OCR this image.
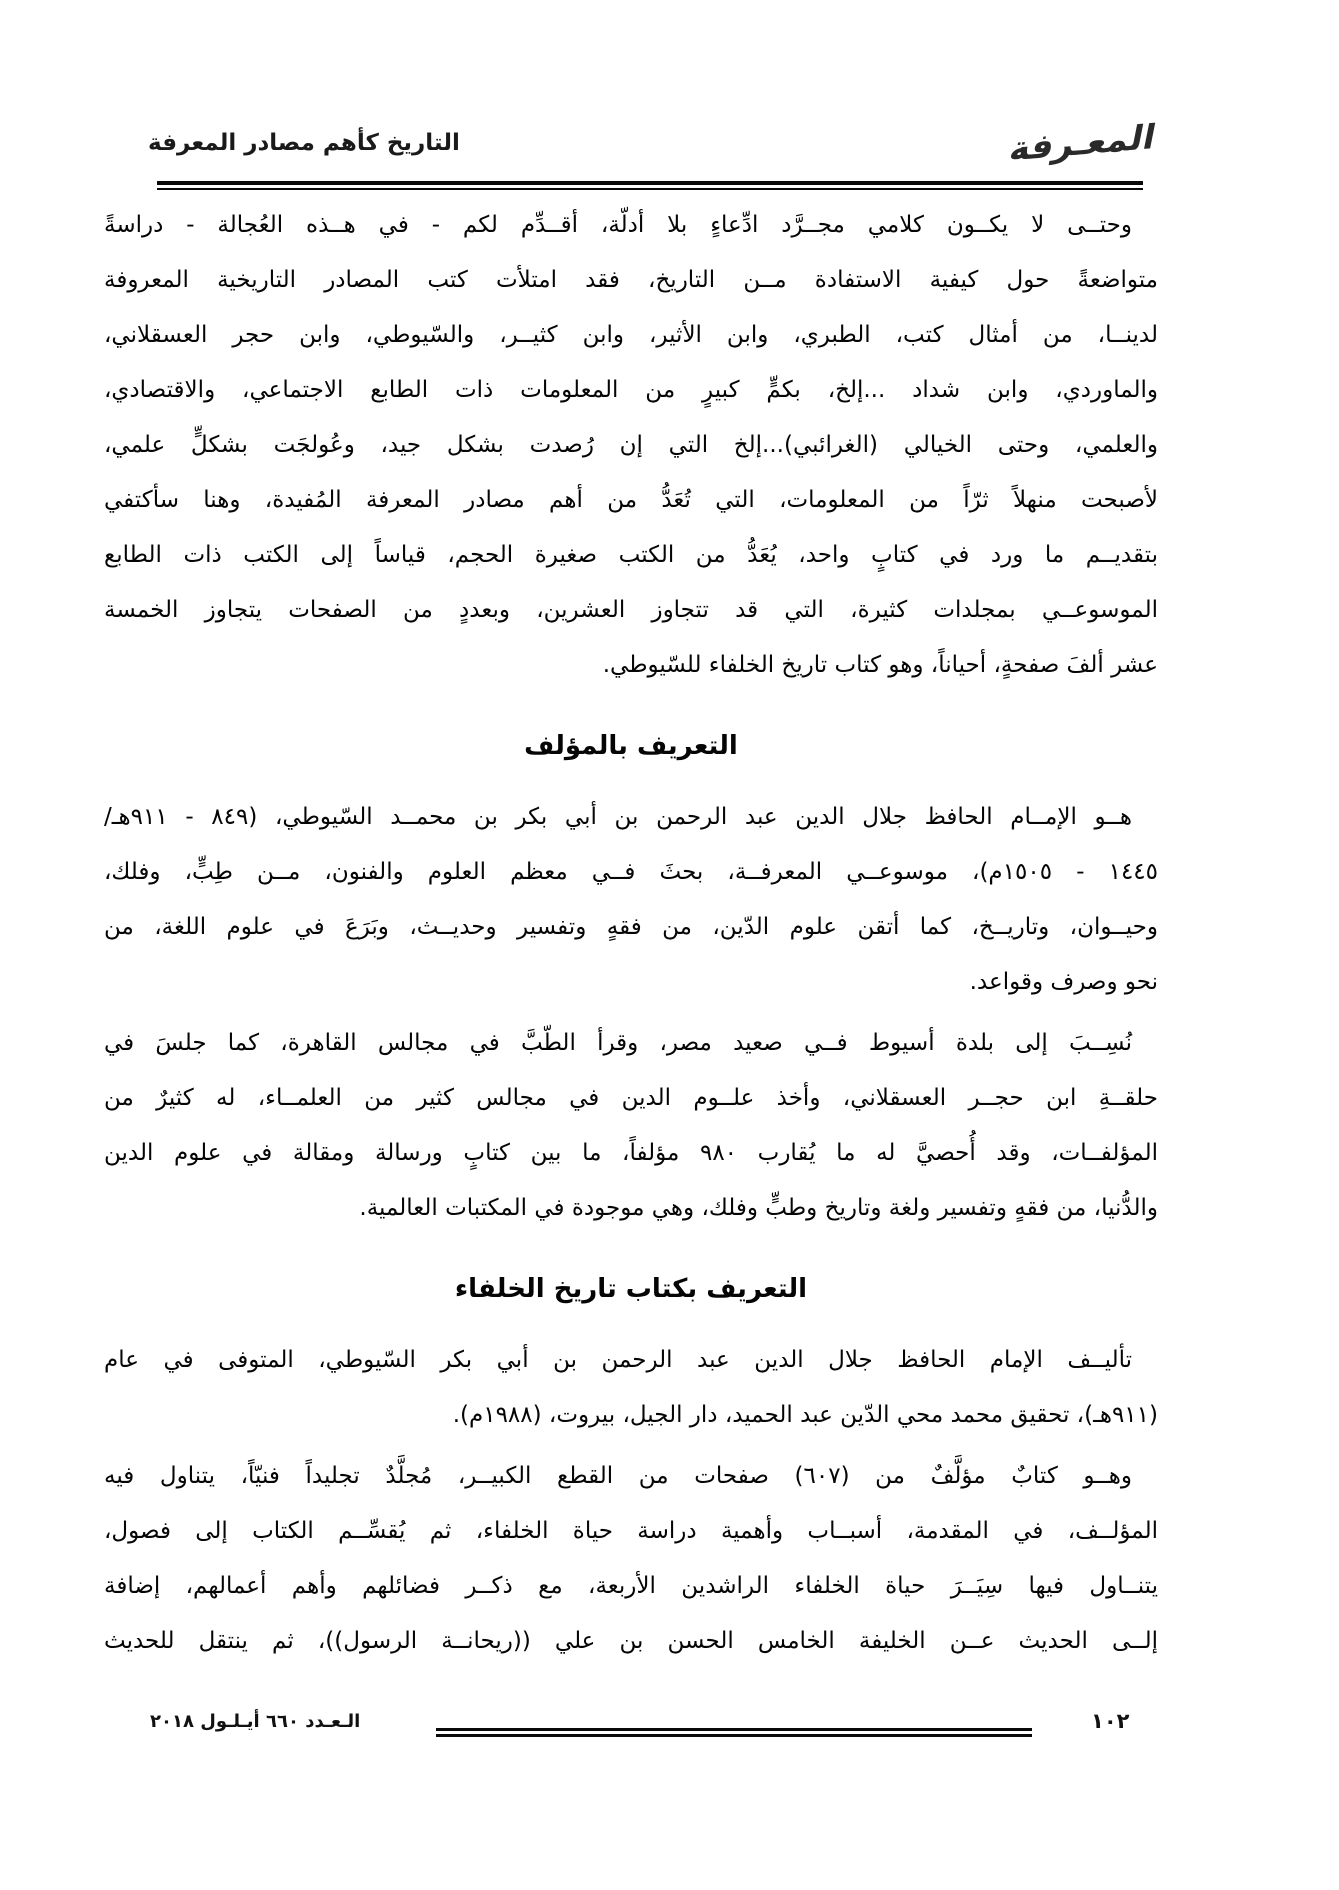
التاريخ كأهم مصادر المعرفة	المعـرفة
وحتــى لا يكــون كلامي مجــرَّد ادِّعاءٍ بلا أدلّة، أقــدِّم لكم - في هــذه العُجالة - دراسةً
متواضعةً حول كيفية الاستفادة مــن التاريخ، فقد امتلأت كتب المصادر التاريخية المعروفة
لدينــا، من أمثال كتب، الطبري، وابن الأثير، وابن كثيــر، والسّيوطي، وابن حجر العسقلاني،
والماوردي، وابن شداد ...إلخ، بكمٍّ كبيرٍ من المعلومات ذات الطابع الاجتماعي، والاقتصادي،
والعلمي، وحتى الخيالي (الغرائبي)...إلخ التي إن رُصدت بشكل جيد، وعُولجَت بشكلٍّ علمي،
لأصبحت منهلاً ثرّاً من المعلومات، التي تُعَدُّ من أهم مصادر المعرفة المُفيدة، وهنا سأكتفي
بتقديــم ما ورد في كتابٍ واحد، يُعَدُّ من الكتب صغيرة الحجم، قياساً إلى الكتب ذات الطابع
الموسوعــي بمجلدات كثيرة، التي قد تتجاوز العشرين، وبعددٍ من الصفحات يتجاوز الخمسة
عشر ألفَ صفحةٍ، أحياناً، وهو كتاب تاريخ الخلفاء للسّيوطي.
التعريف بالمؤلف
هــو الإمــام الحافظ جلال الدين عبد الرحمن بن أبي بكر بن محمــد السّيوطي، (٨٤٩ - ٩١١هـ/
١٤٤٥ - ١٥٠٥م)، موسوعــي المعرفــة، بحثَ فــي معظم العلوم والفنون، مــن طِبٍّ، وفلك،
وحيــوان، وتاريــخ، كما أتقن علوم الدّين، من فقهٍ وتفسير وحديــث، وبَرَعَ في علوم اللغة، من
نحو وصرف وقواعد.
نُسِــبَ إلى بلدة أسيوط فــي صعيد مصر، وقرأ الطّبَّ في مجالس القاهرة، كما جلسَ في
حلقــةِ ابن حجــر العسقلاني، وأخذ علــوم الدين في مجالس كثير من العلمــاء، له كثيرٌ من
المؤلفــات، وقد أُحصيَّ له ما يُقارب ٩٨٠ مؤلفاً، ما بين كتابٍ ورسالة ومقالة في علوم الدين
والدُّنيا، من فقهٍ وتفسير ولغة وتاريخ وطبٍّ وفلك، وهي موجودة في المكتبات العالمية.
التعريف بكتاب تاريخ الخلفاء
تأليــف الإمام الحافظ جلال الدين عبد الرحمن بن أبي بكر السّيوطي، المتوفى في عام
(٩١١هـ)، تحقيق محمد محي الدّين عبد الحميد، دار الجيل، بيروت، (١٩٨٨م).
وهــو كتابٌ مؤلَّفٌ من (٦٠٧) صفحات من القطع الكبيــر، مُجلَّدٌ تجليداً فنيّاً، يتناول فيه
المؤلــف، في المقدمة، أسبــاب وأهمية دراسة حياة الخلفاء، ثم يُقسِّــم الكتاب إلى فصول،
يتنــاول فيها سِيَــرَ حياة الخلفاء الراشدين الأربعة، مع ذكــر فضائلهم وأهم أعمالهم، إضافة
إلــى الحديث عــن الخليفة الخامس الحسن بن علي ((ريحانــة الرسول))، ثم ينتقل للحديث
الـعـدد ٦٦٠ أيـلـول ٢٠١٨	١٠٢
